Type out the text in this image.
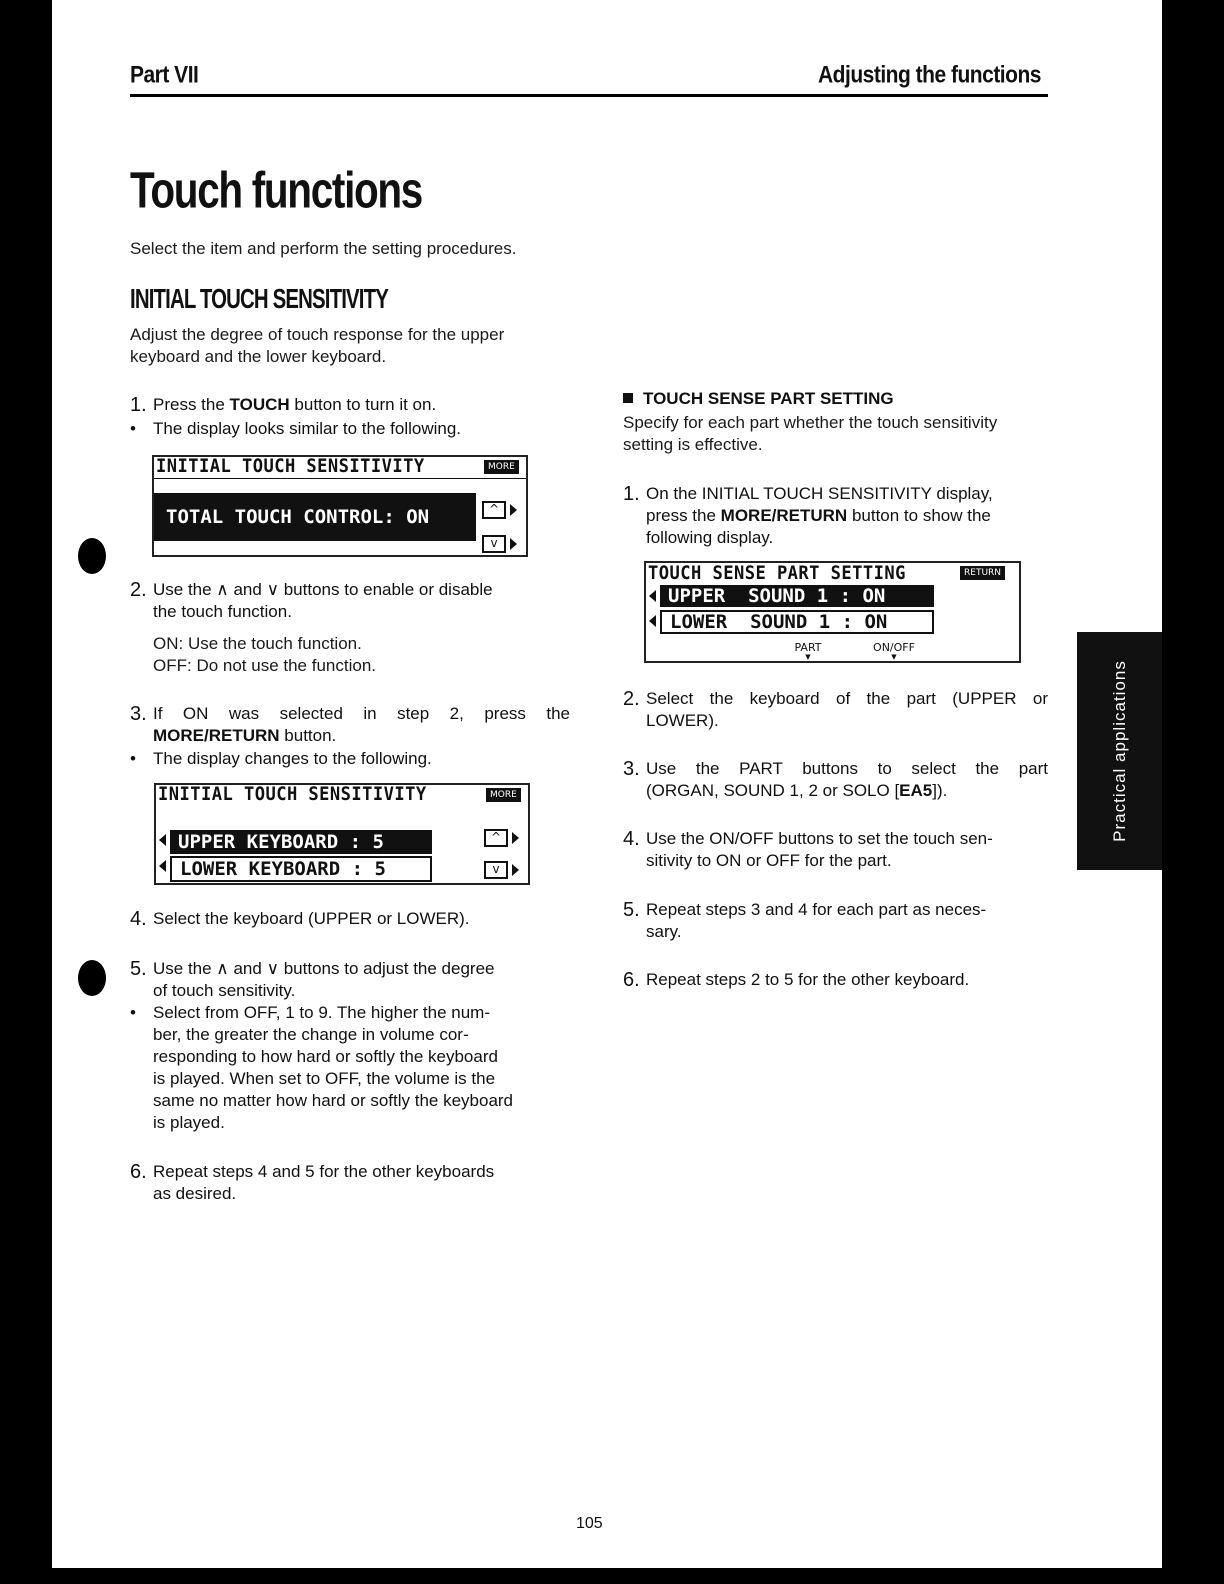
Part VII	Adjusting the functions
Touch functions
Select the item and perform the setting procedures.
INITIAL TOUCH SENSITIVITY
Adjust the degree of touch response for the upper
keyboard and the lower keyboard.
1. Press the TOUCH button to turn it on.
• The display looks similar to the following.
INITIAL TOUCH SENSITIVITY	MORE
TOTAL TOUCH CONTROL: ON	^
v
2. Use the ∧ and ∨ buttons to enable or disable
the touch function.
ON: Use the touch function.
OFF: Do not use the function.
3. If ON was selected in step 2, press the
MORE/RETURN button.
• The display changes to the following.
INITIAL TOUCH SENSITIVITY	MORE
UPPER KEYBOARD : 5
LOWER KEYBOARD : 5
^
v
4. Select the keyboard (UPPER or LOWER).
5. Use the ∧ and ∨ buttons to adjust the degree
of touch sensitivity.
• Select from OFF, 1 to 9. The higher the num-
ber, the greater the change in volume cor-
responding to how hard or softly the keyboard
is played. When set to OFF, the volume is the
same no matter how hard or softly the keyboard
is played.
6. Repeat steps 4 and 5 for the other keyboards
as desired.
TOUCH SENSE PART SETTING
Specify for each part whether the touch sensitivity
setting is effective.
1. On the INITIAL TOUCH SENSITIVITY display,
press the MORE/RETURN button to show the
following display.
TOUCH SENSE PART SETTING	RETURN
UPPER  SOUND 1 : ON
LOWER  SOUND 1 : ON
PART
▼
ON/OFF
▼
2. Select the keyboard of the part (UPPER or
LOWER).
3. Use the PART buttons to select the part
(ORGAN, SOUND 1, 2 or SOLO [EA5]).
4. Use the ON/OFF buttons to set the touch sen-
sitivity to ON or OFF for the part.
5. Repeat steps 3 and 4 for each part as neces-
sary.
6. Repeat steps 2 to 5 for the other keyboard.
Practical applications
105
